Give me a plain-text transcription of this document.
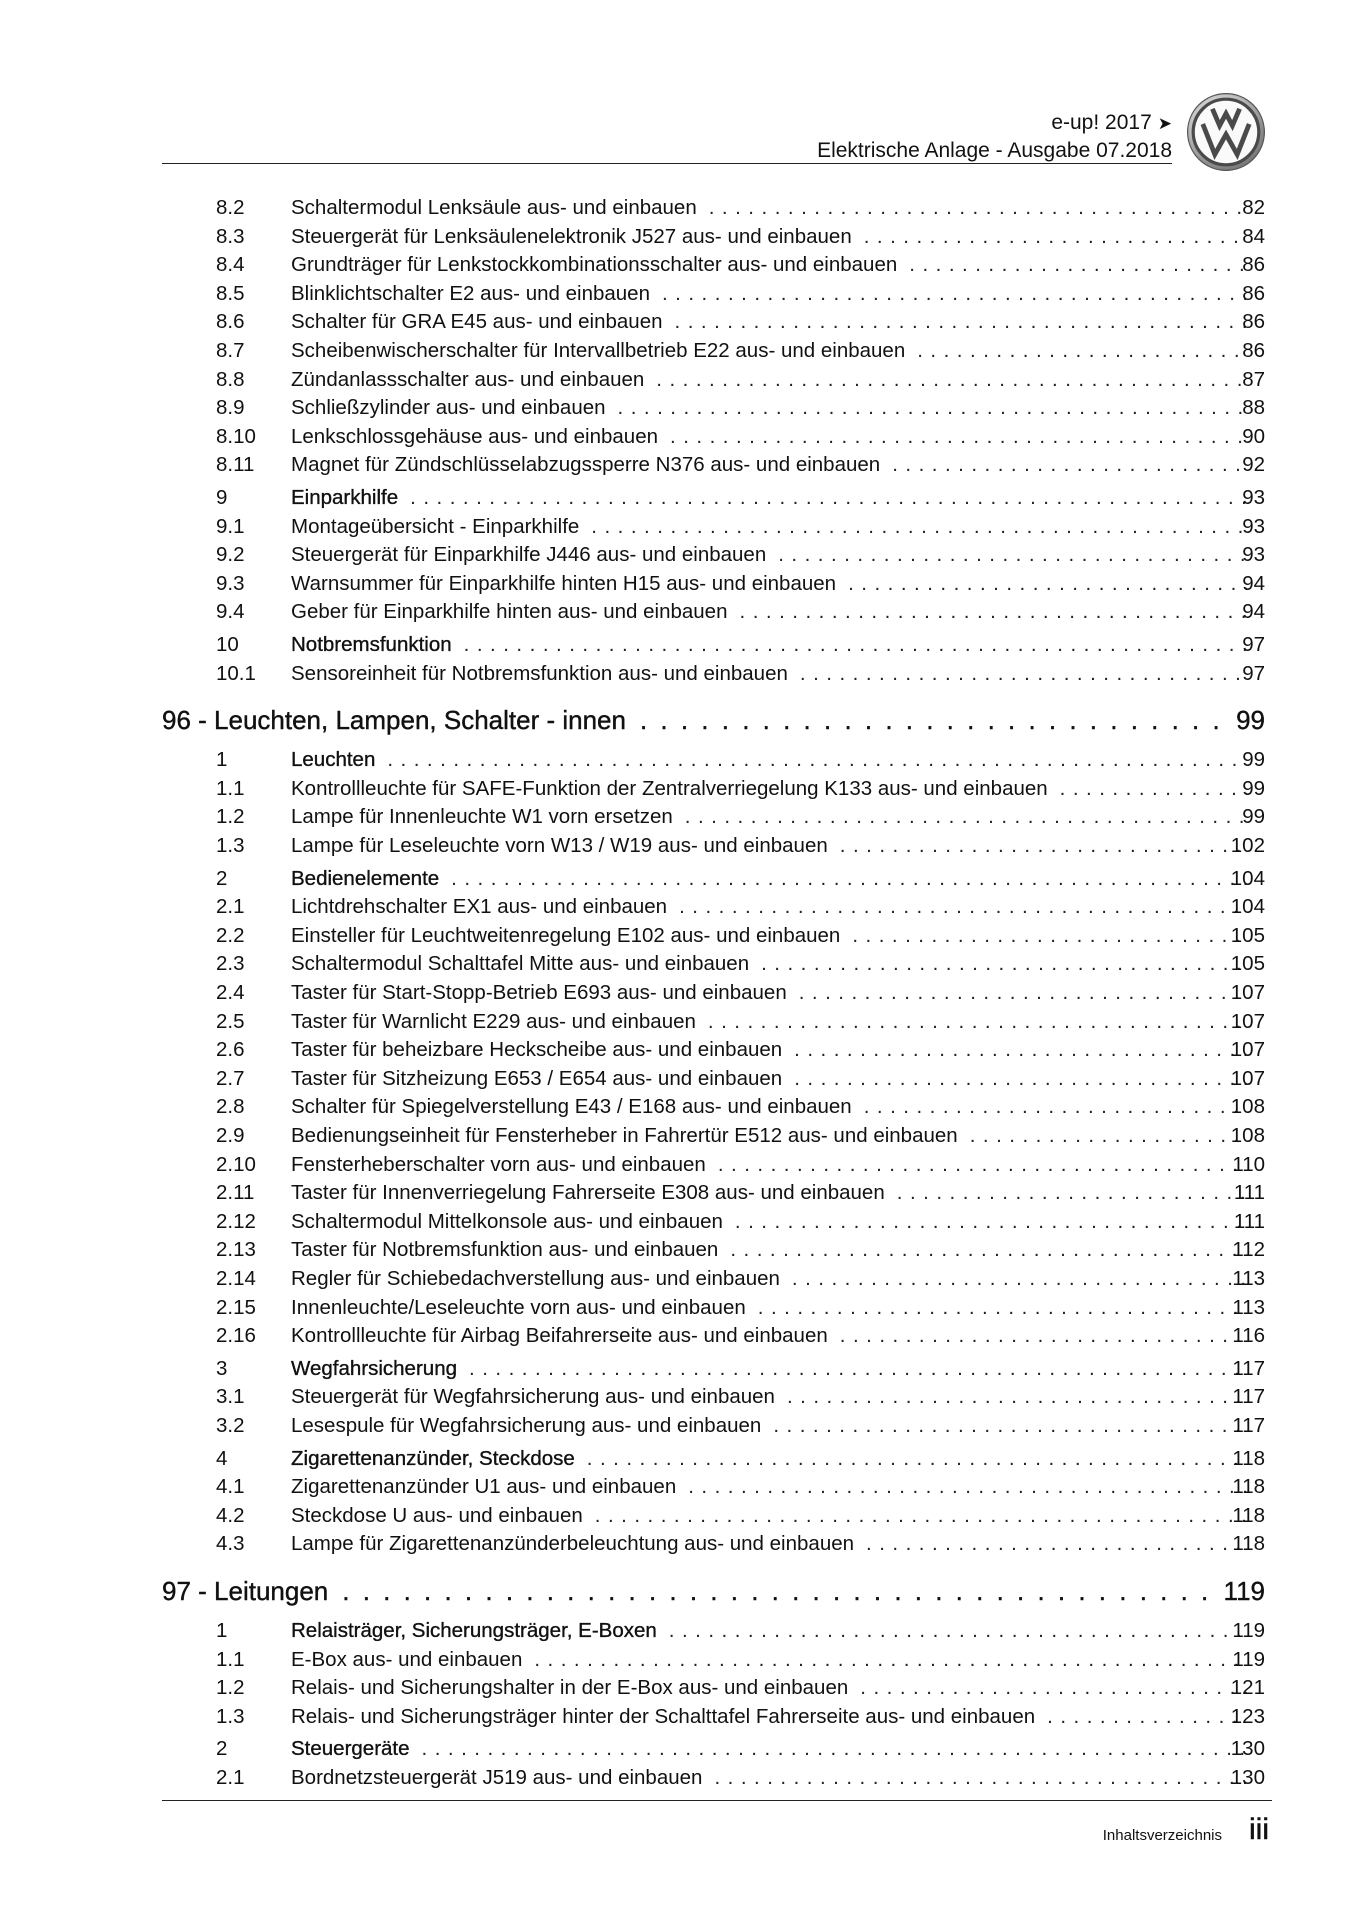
e-up! 2017 ➤
Elektrische Anlage - Ausgabe 07.2018
8.2 Schaltermodul Lenksäule aus- und einbauen . . .	82
8.3 Steuergerät für Lenksäulenelektronik J527 aus- und einbauen . . .	84
8.4 Grundträger für Lenkstockkombinationsschalter aus- und einbauen . . .	86
8.5 Blinklichtschalter E2 aus- und einbauen . . .	86
8.6 Schalter für GRA E45 aus- und einbauen . . .	86
8.7 Scheibenwischerschalter für Intervallbetrieb E22 aus- und einbauen . . .	86
8.8 Zündanlassschalter aus- und einbauen . . .	87
8.9 Schließzylinder aus- und einbauen . . .	88
8.10 Lenkschlossgehäuse aus- und einbauen . . .	90
8.11 Magnet für Zündschlüsselabzugssperre N376 aus- und einbauen . . .	92
9	Einparkhilfe . . .	93
9.1 Montageübersicht - Einparkhilfe . . .	93
9.2 Steuergerät für Einparkhilfe J446 aus- und einbauen . . .	93
9.3 Warnsummer für Einparkhilfe hinten H15 aus- und einbauen . . .	94
9.4 Geber für Einparkhilfe hinten aus- und einbauen . . .	94
10	Notbremsfunktion . . .	97
10.1 Sensoreinheit für Notbremsfunktion aus- und einbauen . . .	97
96 - Leuchten, Lampen, Schalter - innen . . .	99
1	Leuchten . . .	99
1.1 Kontrollleuchte für SAFE-Funktion der Zentralverriegelung K133 aus- und einbauen . . .	99
1.2 Lampe für Innenleuchte W1 vorn ersetzen . . .	99
1.3 Lampe für Leseleuchte vorn W13 / W19 aus- und einbauen . . .	102
2	Bedienelemente . . .	104
2.1 Lichtdrehschalter EX1 aus- und einbauen . . .	104
2.2 Einsteller für Leuchtweitenregelung E102 aus- und einbauen . . .	105
2.3 Schaltermodul Schalttafel Mitte aus- und einbauen . . .	105
2.4 Taster für Start-Stopp-Betrieb E693 aus- und einbauen . . .	107
2.5 Taster für Warnlicht E229 aus- und einbauen . . .	107
2.6 Taster für beheizbare Heckscheibe aus- und einbauen . . .	107
2.7 Taster für Sitzheizung E653 / E654 aus- und einbauen . . .	107
2.8 Schalter für Spiegelverstellung E43 / E168 aus- und einbauen . . .	108
2.9 Bedienungseinheit für Fensterheber in Fahrertür E512 aus- und einbauen . . .	108
2.10 Fensterheberschalter vorn aus- und einbauen . . .	110
2.11 Taster für Innenverriegelung Fahrerseite E308 aus- und einbauen . . .	111
2.12 Schaltermodul Mittelkonsole aus- und einbauen . . .	111
2.13 Taster für Notbremsfunktion aus- und einbauen . . .	112
2.14 Regler für Schiebedachverstellung aus- und einbauen . . .	113
2.15 Innenleuchte/Leseleuchte vorn aus- und einbauen . . .	113
2.16 Kontrollleuchte für Airbag Beifahrerseite aus- und einbauen . . .	116
3	Wegfahrsicherung . . .	117
3.1 Steuergerät für Wegfahrsicherung aus- und einbauen . . .	117
3.2 Lesespule für Wegfahrsicherung aus- und einbauen . . .	117
4	Zigarettenanzünder, Steckdose . . .	118
4.1 Zigarettenanzünder U1 aus- und einbauen . . .	118
4.2 Steckdose U aus- und einbauen . . .	118
4.3 Lampe für Zigarettenanzünderbeleuchtung aus- und einbauen . . .	118
97 - Leitungen . . .	119
1	Relaisträger, Sicherungsträger, E-Boxen . . .	119
1.1 E-Box aus- und einbauen . . .	119
1.2 Relais- und Sicherungshalter in der E-Box aus- und einbauen . . .	121
1.3 Relais- und Sicherungsträger hinter der Schalttafel Fahrerseite aus- und einbauen . . .	123
2	Steuergeräte . . .	130
2.1 Bordnetzsteuergerät J519 aus- und einbauen . . .	130
Inhaltsverzeichnis iii
